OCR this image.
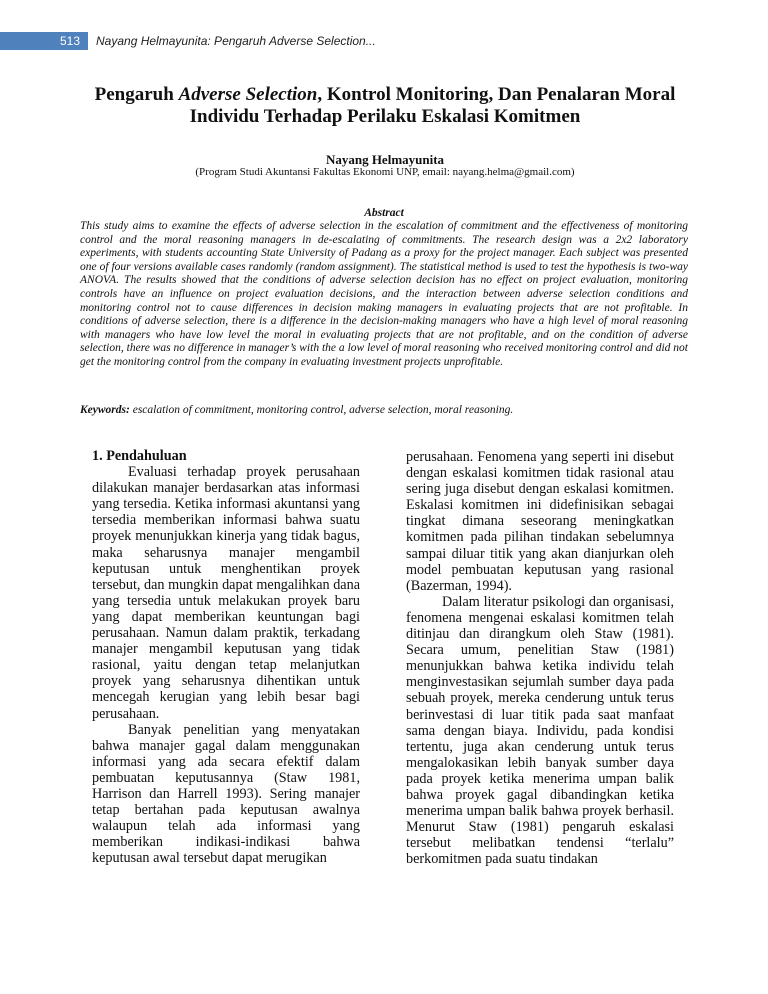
513	Nayang Helmayunita: Pengaruh Adverse Selection...
Pengaruh Adverse Selection, Kontrol Monitoring, Dan Penalaran Moral Individu Terhadap Perilaku Eskalasi Komitmen
Nayang Helmayunita
(Program Studi Akuntansi Fakultas Ekonomi UNP, email: nayang.helma@gmail.com)
Abstract
This study aims to examine the effects of adverse selection in the escalation of commitment and the effectiveness of monitoring control and the moral reasoning managers in de-escalating of commitments. The research design was a 2x2 laboratory experiments, with students accounting State University of Padang as a proxy for the project manager. Each subject was presented one of four versions available cases randomly (random assignment). The statistical method is used to test the hypothesis is two-way ANOVA. The results showed that the conditions of adverse selection decision has no effect on project evaluation, monitoring controls have an influence on project evaluation decisions, and the interaction between adverse selection conditions and monitoring control not to cause differences in decision making managers in evaluating projects that are not profitable. In conditions of adverse selection, there is a difference in the decision-making managers who have a high level of moral reasoning with managers who have low level the moral in evaluating projects that are not profitable, and on the condition of adverse selection, there was no difference in manager’s with the a low level of moral reasoning who received monitoring control and did not get the monitoring control from the company in evaluating investment projects unprofitable.
Keywords: escalation of commitment, monitoring control, adverse selection, moral reasoning.
1. Pendahuluan

Evaluasi terhadap proyek perusahaan dilakukan manajer berdasarkan atas informasi yang tersedia. Ketika informasi akuntansi yang tersedia memberikan informasi bahwa suatu proyek menunjukkan kinerja yang tidak bagus, maka seharusnya manajer mengambil keputusan untuk menghentikan proyek tersebut, dan mungkin dapat mengalihkan dana yang tersedia untuk melakukan proyek baru yang dapat memberikan keuntungan bagi perusahaan. Namun dalam praktik, terkadang manajer mengambil keputusan yang tidak rasional, yaitu dengan tetap melanjutkan proyek yang seharusnya dihentikan untuk mencegah kerugian yang lebih besar bagi perusahaan.

Banyak penelitian yang menyatakan bahwa manajer gagal dalam menggunakan informasi yang ada secara efektif dalam pembuatan keputusannya (Staw 1981, Harrison dan Harrell 1993). Sering manajer tetap bertahan pada keputusan awalnya walaupun telah ada informasi yang memberikan indikasi-indikasi bahwa keputusan awal tersebut dapat merugikan

perusahaan. Fenomena yang seperti ini disebut dengan eskalasi komitmen tidak rasional atau sering juga disebut dengan eskalasi komitmen. Eskalasi komitmen ini didefinisikan sebagai tingkat dimana seseorang meningkatkan komitmen pada pilihan tindakan sebelumnya sampai diluar titik yang akan dianjurkan oleh model pembuatan keputusan yang rasional (Bazerman, 1994).

Dalam literatur psikologi dan organisasi, fenomena mengenai eskalasi komitmen telah ditinjau dan dirangkum oleh Staw (1981). Secara umum, penelitian Staw (1981) menunjukkan bahwa ketika individu telah menginvestasikan sejumlah sumber daya pada sebuah proyek, mereka cenderung untuk terus berinvestasi di luar titik pada saat manfaat sama dengan biaya. Individu, pada kondisi tertentu, juga akan cenderung untuk terus mengalokasikan lebih banyak sumber daya pada proyek ketika menerima umpan balik bahwa proyek gagal dibandingkan ketika menerima umpan balik bahwa proyek berhasil. Menurut Staw (1981) pengaruh eskalasi tersebut melibatkan tendensi “terlalu” berkomitmen pada suatu tindakan
